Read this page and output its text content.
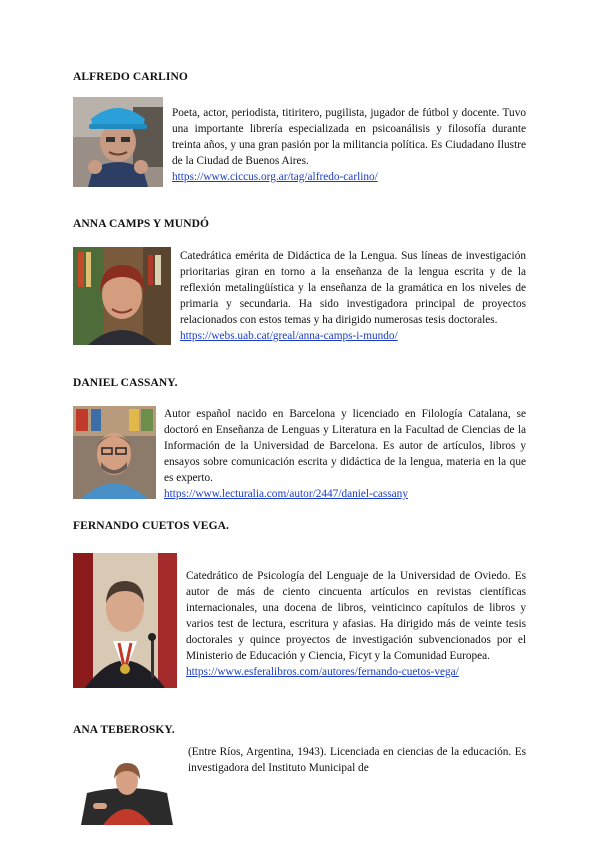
ALFREDO CARLINO

Poeta, actor, periodista, titiritero, pugilista, jugador de fútbol y docente. Tuvo una importante librería especializada en psicoanálisis y filosofía durante treinta años, y una gran pasión por la militancia política. Es Ciudadano Ilustre de la Ciudad de Buenos Aires.

https://www.ciccus.org.ar/tag/alfredo-carlino/
ANNA CAMPS Y MUNDÓ

Catedrática emérita de Didáctica de la Lengua. Sus líneas de investigación prioritarias giran en torno a la enseñanza de la lengua escrita y de la reflexión metalingüística y la enseñanza de la gramática en los niveles de primaria y secundaria. Ha sido investigadora principal de proyectos relacionados con estos temas y ha dirigido numerosas tesis doctorales.

https://webs.uab.cat/greal/anna-camps-i-mundo/
DANIEL CASSANY.

Autor español nacido en Barcelona y licenciado en Filología Catalana, se doctoró en Enseñanza de Lenguas y Literatura en la Facultad de Ciencias de la Información de la Universidad de Barcelona. Es autor de artículos, libros y ensayos sobre comunicación escrita y didáctica de la lengua, materia en la que es experto.

https://www.lecturalia.com/autor/2447/daniel-cassany
FERNANDO CUETOS VEGA.

Catedrático de Psicología del Lenguaje de la Universidad de Oviedo. Es autor de más de ciento cincuenta artículos en revistas científicas internacionales, una docena de libros, veinticinco capítulos de libros y varios test de lectura, escritura y afasias. Ha dirigido más de veinte tesis doctorales y quince proyectos de investigación subvencionados por el Ministerio de Educación y Ciencia, Ficyt y la Comunidad Europea.

https://www.esferalibros.com/autores/fernando-cuetos-vega/
ANA TEBEROSKY.

(Entre Ríos, Argentina, 1943). Licenciada en ciencias de la educación. Es investigadora del Instituto Municipal de
